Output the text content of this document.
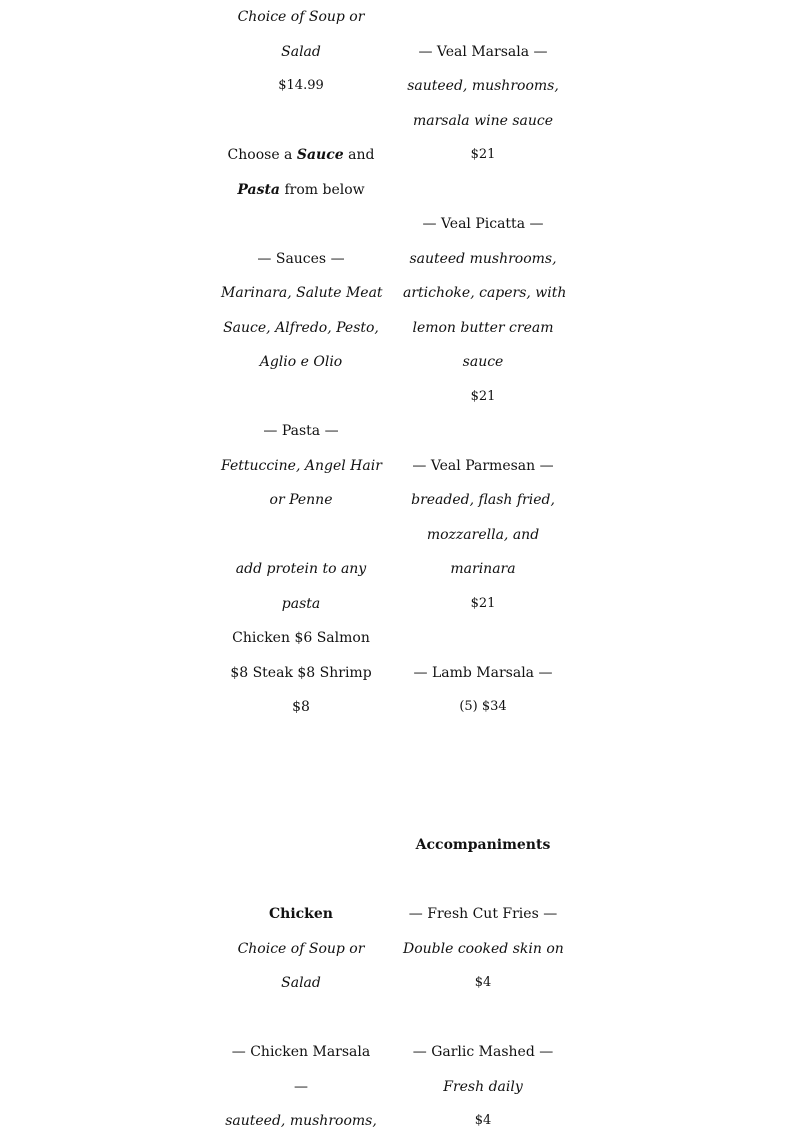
Choice of Soup or
Salad
$14.99
Choose a Sauce and
Pasta from below
— Sauces —
Marinara, Salute Meat
Sauce, Alfredo, Pesto,
Aglio e Olio
— Pasta —
Fettuccine, Angel Hair
or Penne
add protein to any
pasta
Chicken $6 Salmon
$8 Steak $8 Shrimp
$8
Chicken
Choice of Soup or
Salad
— Chicken Marsala
—
sauteed, mushrooms,
— Veal Marsala —
sauteed, mushrooms,
marsala wine sauce
$21
— Veal Picatta —
sauteed mushrooms,
artichoke, capers, with
lemon butter cream
sauce
$21
— Veal Parmesan —
breaded, flash fried,
mozzarella, and
marinara
$21
— Lamb Marsala —
(5) $34
Accompaniments
— Fresh Cut Fries —
Double cooked skin on
$4
— Garlic Mashed —
Fresh daily
$4
